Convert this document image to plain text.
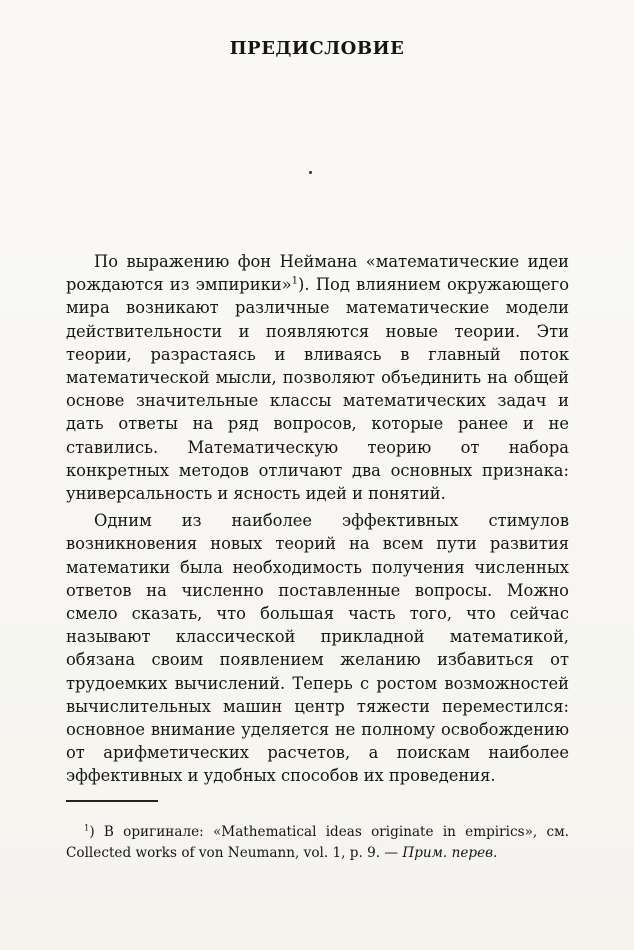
ПРЕДИСЛОВИЕ

По выражению фон Неймана «математические идеи рождаются из эмпирики»$^1$). Под влиянием окружающего мира возникают различные математические модели действительности и появляются новые теории. Эти теории, разрастаясь и вливаясь в главный поток математической мысли, позволяют объединить на общей основе значительные классы математических задач и дать ответы на ряд вопросов, которые ранее и не ставились. Математическую теорию от набора конкретных методов отличают два основных признака: универсальность и ясность идей и понятий.

Одним из наиболее эффективных стимулов возникновения новых теорий на всем пути развития математики была необходимость получения численных ответов на численно поставленные вопросы. Можно смело сказать, что большая часть того, что сейчас называют классической прикладной математикой, обязана своим появлением желанию избавиться от трудоемких вычислений. Теперь с ростом возможностей вычислительных машин центр тяжести переместился: основное внимание уделяется не полному освобождению от арифметических расчетов, а поискам наиболее эффективных и удобных способов их проведения.

$^1$) В оригинале: «Mathematical ideas originate in empirics», см. Collected works of von Neumann, vol. 1, p. 9. — Прим. перев.
